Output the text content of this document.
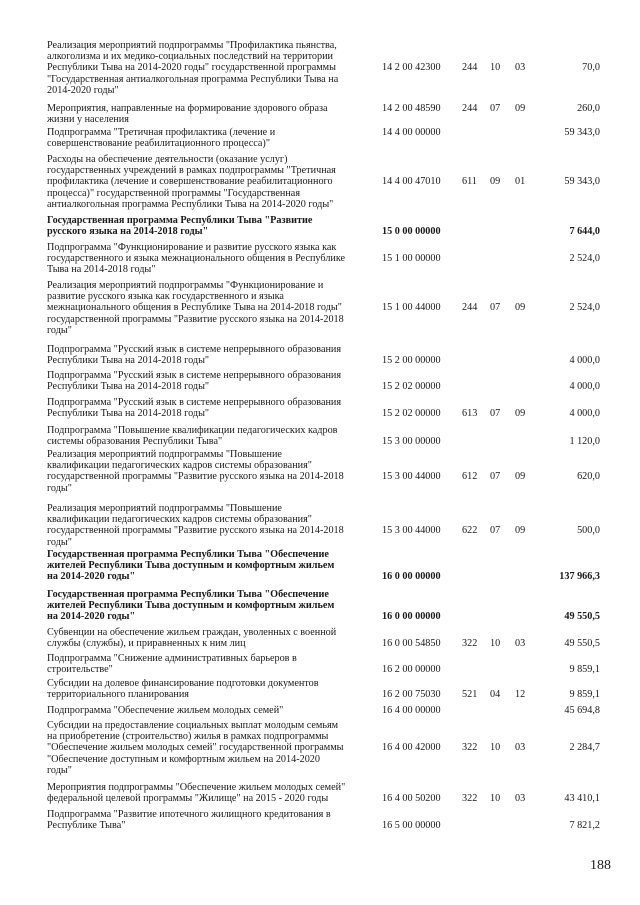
Реализация мероприятий подпрограммы "Профилактика пьянства,
алкоголизма и их медико-социальных последствий на территории
Республики Тыва на 2014-2020 годы" государственной программы
"Государственная антиалкогольная программа Республики Тыва на
2014-2020 годы"
14 2 00 42300 244 10 03	70,0
Мероприятия, направленные на формирование здорового образа
жизни у населения
14 2 00 48590 244 07 09	260,0
Подпрограмма "Третичная профилактика (лечение и
совершенствование реабилитационного процесса)"
14 4 00 00000	59 343,0
Расходы на обеспечение деятельности (оказание услуг)
государственных учреждений в рамках подпрограммы "Третичная
профилактика (лечение и совершенствование реабилитационного
процесса)" государственной программы "Государственная
антиалкогольная программа Республики Тыва на 2014-2020 годы"
14 4 00 47010 611 09 01	59 343,0
Государственная программа Республики Тыва "Развитие
русского языка на 2014-2018 годы"	15 0 00 00000	7 644,0
Подпрограмма "Функционирование и развитие русского языка как
государственного и языка межнационального общения в Республике
Тыва на 2014-2018 годы"
15 1 00 00000	2 524,0
Реализация мероприятий подпрограммы "Функционирование и
развитие русского языка как государственного и языка
межнационального общения в Республике Тыва на 2014-2018 годы"
государственной программы "Развитие русского языка на 2014-2018
годы"
15 1 00 44000 244 07 09	2 524,0
Подпрограмма "Русский язык в системе непрерывного образования
Республики Тыва на 2014-2018 годы"	15 2 00 00000	4 000,0
Подпрограмма "Русский язык в системе непрерывного образования
Республики Тыва на 2014-2018 годы"	15 2 02 00000	4 000,0
Подпрограмма "Русский язык в системе непрерывного образования
Республики Тыва на 2014-2018 годы"	15 2 02 00000 613 07 09	4 000,0
Подпрограмма "Повышение квалификации педагогических кадров
системы образования Республики Тыва"	15 3 00 00000	1 120,0
Реализация мероприятий подпрограммы "Повышение
квалификации педагогических кадров системы образования"
государственной программы "Развитие русского языка на 2014-2018
годы"
15 3 00 44000 612 07 09	620,0
Реализация мероприятий подпрограммы "Повышение
квалификации педагогических кадров системы образования"
государственной программы "Развитие русского языка на 2014-2018
годы"
15 3 00 44000 622 07 09	500,0
Государственная программа Республики Тыва "Обеспечение
жителей Республики Тыва доступным и комфортным жильем
на 2014-2020 годы"	16 0 00 00000	137 966,3
Государственная программа Республики Тыва "Обеспечение
жителей Республики Тыва доступным и комфортным жильем
на 2014-2020 годы"	16 0 00 00000	49 550,5
Субвенции на обеспечение жильем граждан, уволенных с военной
службы (службы), и приравненных к ним лиц	16 0 00 54850 322 10 03	49 550,5
Подпрограмма "Снижение административных барьеров в
строительстве"	16 2 00 00000	9 859,1
Субсидии на долевое финансирование подготовки документов
территориального планирования	16 2 00 75030 521 04 12	9 859,1
Подпрограмма "Обеспечение жильем молодых семей"	16 4 00 00000	45 694,8
Субсидии на предоставление социальных выплат молодым семьям
на приобретение (строительство) жилья в рамках подпрограммы
"Обеспечение жильем молодых семей" государственной программы
"Обеспечение доступным и комфортным жильем на 2014-2020
годы"
16 4 00 42000 322 10 03	2 284,7
Мероприятия подпрограммы "Обеспечение жильем молодых семей"
федеральной целевой программы "Жилище" на 2015 - 2020 годы	16 4 00 50200 322 10 03	43 410,1
Подпрограмма "Развитие ипотечного жилищного кредитования в
Республике Тыва"	16 5 00 00000	7 821,2
188
